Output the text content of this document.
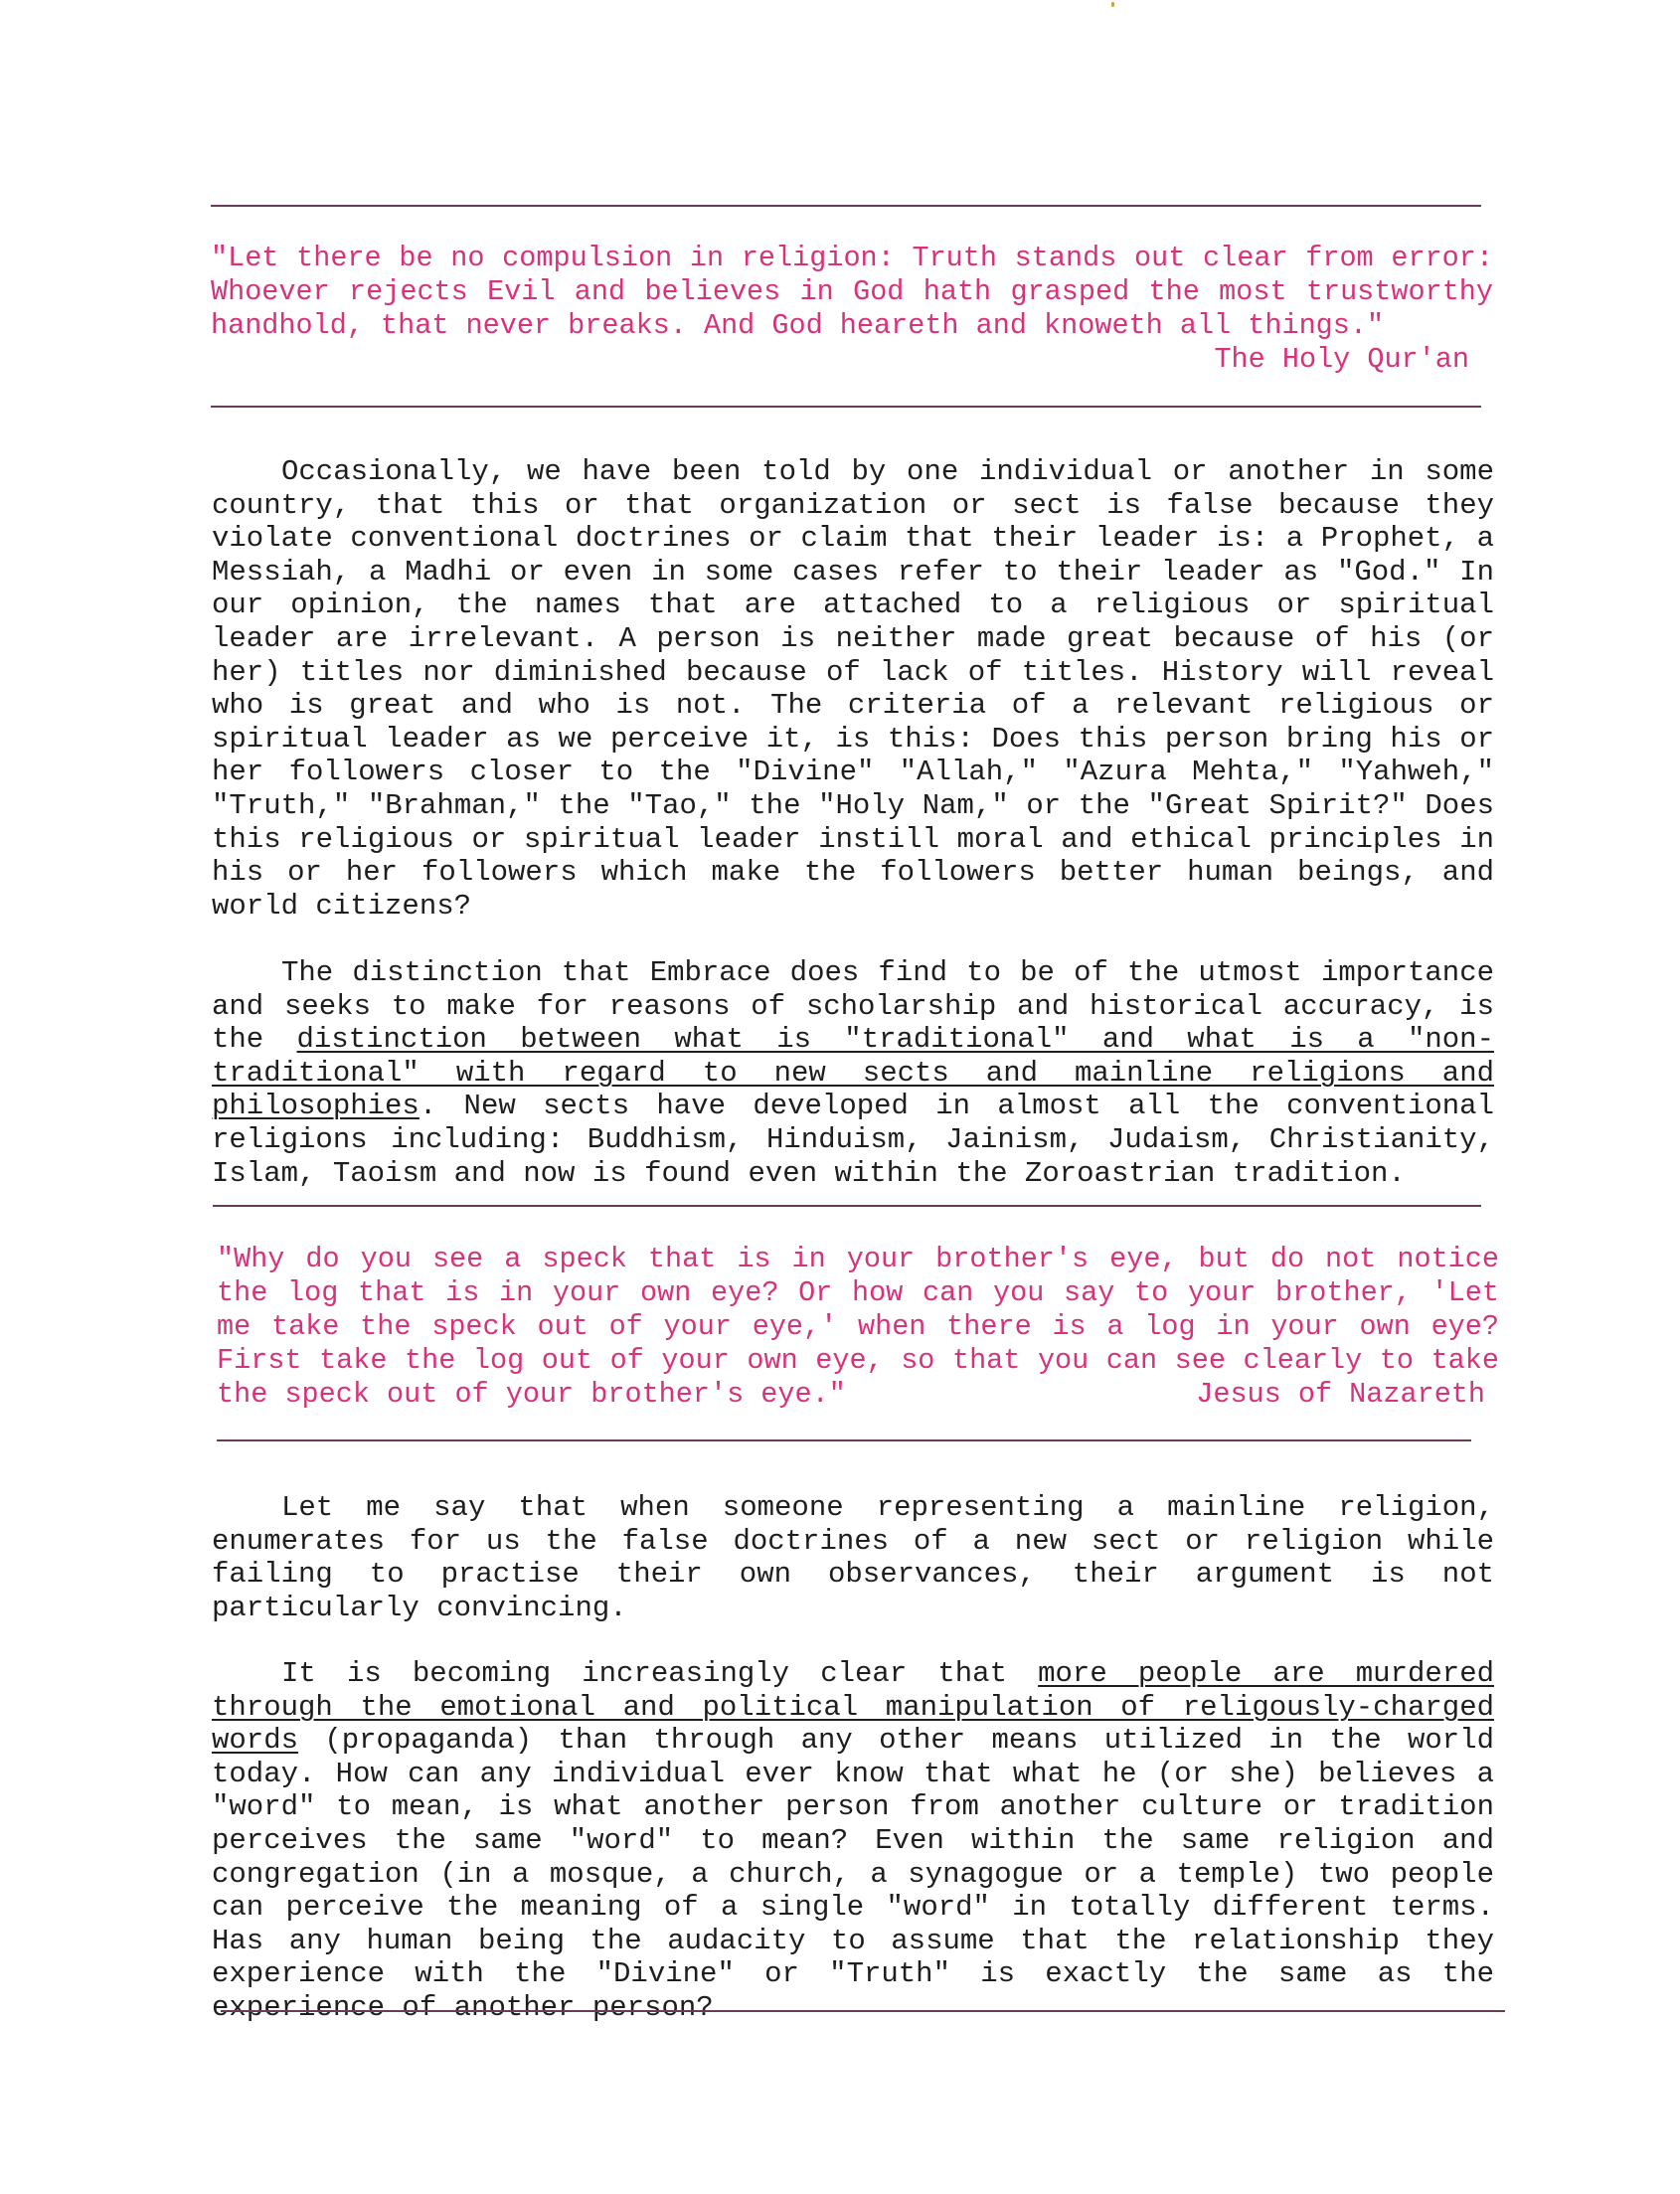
"Let there be no compulsion in religion: Truth stands out clear from error: Whoever rejects Evil and believes in God hath grasped the most trustworthy handhold, that never breaks. And God heareth and knoweth all things."

The Holy Qur'an

Occasionally, we have been told by one individual or another in some country, that this or that organization or sect is false because they violate conventional doctrines or claim that their leader is: a Prophet, a Messiah, a Madhi or even in some cases refer to their leader as "God." In our opinion, the names that are attached to a religious or spiritual leader are irrelevant. A person is neither made great because of his (or her) titles nor diminished because of lack of titles. History will reveal who is great and who is not. The criteria of a relevant religious or spiritual leader as we perceive it, is this: Does this person bring his or her followers closer to the "Divine" "Allah," "Azura Mehta," "Yahweh," "Truth," "Brahman," the "Tao," the "Holy Nam," or the "Great Spirit?" Does this religious or spiritual leader instill moral and ethical principles in his or her followers which make the followers better human beings, and world citizens?

The distinction that Embrace does find to be of the utmost importance and seeks to make for reasons of scholarship and historical accuracy, is the distinction between what is "traditional" and what is a "non-traditional" with regard to new sects and mainline religions and philosophies. New sects have developed in almost all the conventional religions including: Buddhism, Hinduism, Jainism, Judaism, Christianity, Islam, Taoism and now is found even within the Zoroastrian tradition.

"Why do you see a speck that is in your brother's eye, but do not notice the log that is in your own eye? Or how can you say to your brother, 'Let me take the speck out of your eye,' when there is a log in your own eye? First take the log out of your own eye, so that you can see clearly to take the speck out of your brother's eye."	Jesus of Nazareth

Let me say that when someone representing a mainline religion, enumerates for us the false doctrines of a new sect or religion while failing to practise their own observances, their argument is not particularly convincing.

It is becoming increasingly clear that more people are murdered through the emotional and political manipulation of religously-charged words (propaganda) than through any other means utilized in the world today. How can any individual ever know that what he (or she) believes a "word" to mean, is what another person from another culture or tradition perceives the same "word" to mean? Even within the same religion and congregation (in a mosque, a church, a synagogue or a temple) two people can perceive the meaning of a single "word" in totally different terms. Has any human being the audacity to assume that the relationship they experience with the "Divine" or "Truth" is exactly the same as the experience of another person?
